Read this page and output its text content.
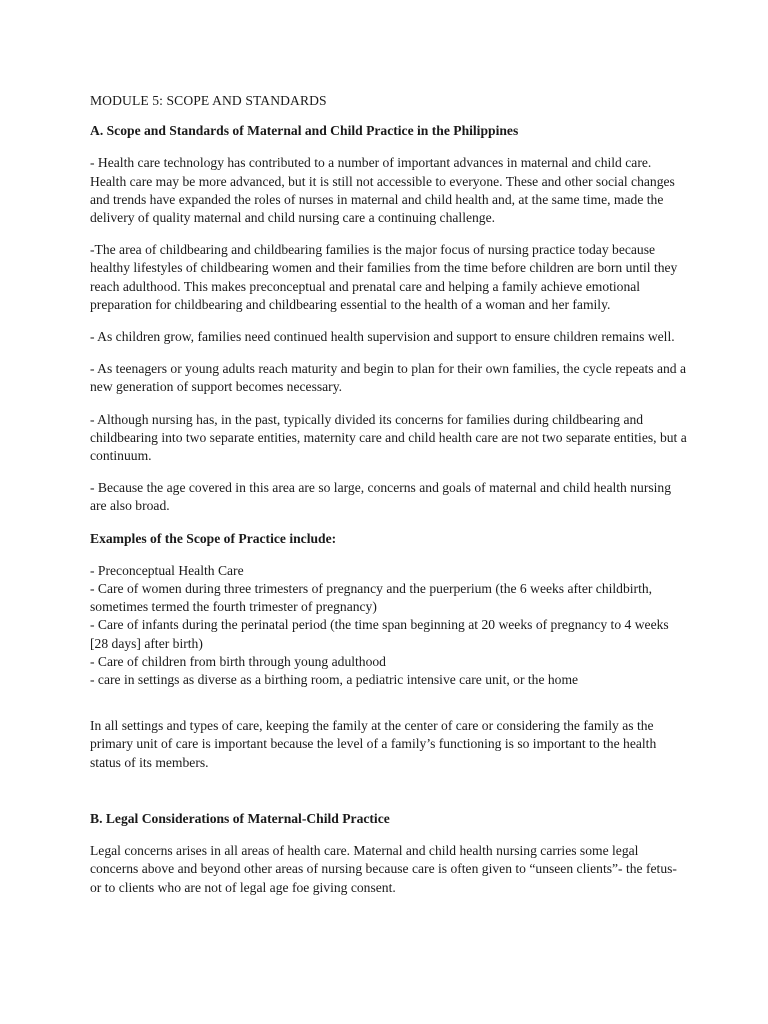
MODULE 5: SCOPE AND STANDARDS

A. Scope and Standards of Maternal and Child Practice in the Philippines

- Health care technology has contributed to a number of important advances in maternal and child care. Health care may be more advanced, but it is still not accessible to everyone. These and other social changes and trends have expanded the roles of nurses in maternal and child health and, at the same time, made the delivery of quality maternal and child nursing care a continuing challenge.

-The area of childbearing and childbearing families is the major focus of nursing practice today because healthy lifestyles of childbearing women and their families from the time before children are born until they reach adulthood. This makes preconceptual and prenatal care and helping a family achieve emotional preparation for childbearing and childbearing essential to the health of a woman and her family.

- As children grow, families need continued health supervision and support to ensure children remains well.

- As teenagers or young adults reach maturity and begin to plan for their own families, the cycle repeats and a new generation of support becomes necessary.

- Although nursing has, in the past, typically divided its concerns for families during childbearing and childbearing into two separate entities, maternity care and child health care are not two separate entities, but a continuum.

- Because the age covered in this area are so large, concerns and goals of maternal and child health nursing are also broad.

Examples of the Scope of Practice include:

- Preconceptual Health Care
- Care of women during three trimesters of pregnancy and the puerperium (the 6 weeks after childbirth, sometimes termed the fourth trimester of pregnancy)
- Care of infants during the perinatal period (the time span beginning at 20 weeks of pregnancy to 4 weeks [28 days] after birth)
- Care of children from birth through young adulthood
- care in settings as diverse as a birthing room, a pediatric intensive care unit, or the home

In all settings and types of care, keeping the family at the center of care or considering the family as the primary unit of care is important because the level of a family’s functioning is so important to the health status of its members.

B. Legal Considerations of Maternal-Child Practice

Legal concerns arises in all areas of health care. Maternal and child health nursing carries some legal concerns above and beyond other areas of nursing because care is often given to “unseen clients”- the fetus- or to clients who are not of legal age foe giving consent.
